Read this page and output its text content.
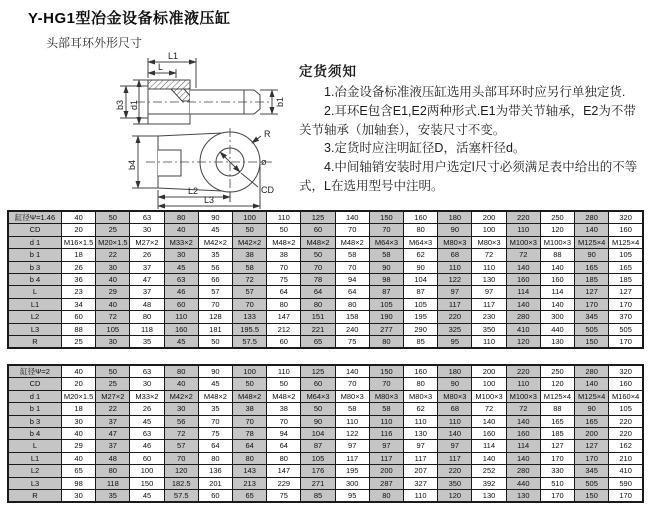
Y-HG1型冶金设备标准液压缸
头部耳环外形尺寸
L1
L
b3 d1	b1
b4
R
ø
CD
L2
L3
定货须知

1.冶金设备标准液压缸选用头部耳环时应另行单独定货.

2.耳环E包含E1,E2两种形式.E1为带关节轴承，E2为不带关节轴承（加轴套），安装尺寸不变。

3.定货时应注明缸径D，活塞杆径d。

4.中间轴销安装时用户选定l尺寸必须满足表中给出的不等式，L在选用型号中注明。

缸径Ψ=1.46	40	50	63	80	90	100	110	125	140	150	160	180	200	220	250	280	320
CD	20	25	30	40	45	50	50	60	70	70	80	90	100	110	120	140	160
d 1	M16×1.5	M20×1.5	M27×2	M33×2	M42×2	M42×2	M48×2	M48×2	M48×2	M64×3	M64×3	M80×3	M80×3	M100×3	M100×3	M125×4	M125×4
b 1	18	22	26	30	35	38	38	50	58	58	62	68	72	72	88	90	105
b 3	26	30	37	45	56	58	70	70	70	90	90	110	110	140	140	165	165
b 4	36	40	47	63	66	72	75	78	94	98	104	122	130	160	160	185	185
L	23	29	37	46	57	57	64	64	64	87	87	97	97	114	114	127	127
L1	34	40	48	60	70	70	80	80	80	105	105	117	117	140	140	170	170
L2	60	72	80	110	128	133	147	151	158	190	195	220	230	280	300	345	370
L3	88	105	118	160	181	195.5	212	221	240	277	290	325	350	410	440	505	505
R	25	30	35	45	50	57.5	60	65	75	80	85	95	110	120	130	150	170
缸径Ψ=2	40	50	63	80	90	100	110	125	140	150	160	180	200	220	250	280	320
CD	20	25	30	40	45	50	50	60	70	70	80	90	100	110	120	140	160
d 1	M20×1.5	M27×2	M33×2	M42×2	M48×2	M48×2	M48×2	M64×3	M80×3	M80×3	M80×3	M80×3	M100×3	M100×3	M125×4	M125×4	M160×4
b 1	18	22	26	30	35	38	38	50	58	58	62	68	72	72	88	90	105
b 3	30	37	45	56	70	70	70	90	110	110	110	110	140	140	165	165	220
b 4	40	47	63	72	75	78	94	104	122	116	130	140	160	160	185	200	220
L	29	37	46	57	64	64	64	87	97	97	97	97	114	114	127	127	162
L1	40	48	60	70	80	80	80	105	117	117	117	117	140	140	170	170	210
L2	65	80	100	120	136	143	147	176	195	200	207	220	252	280	330	345	410
L3	98	118	150	182.5	201	213	229	271	300	287	327	350	392	440	510	505	590
R	30	35	45	57.5	60	65	75	85	95	80	110	120	130	130	170	150	170
